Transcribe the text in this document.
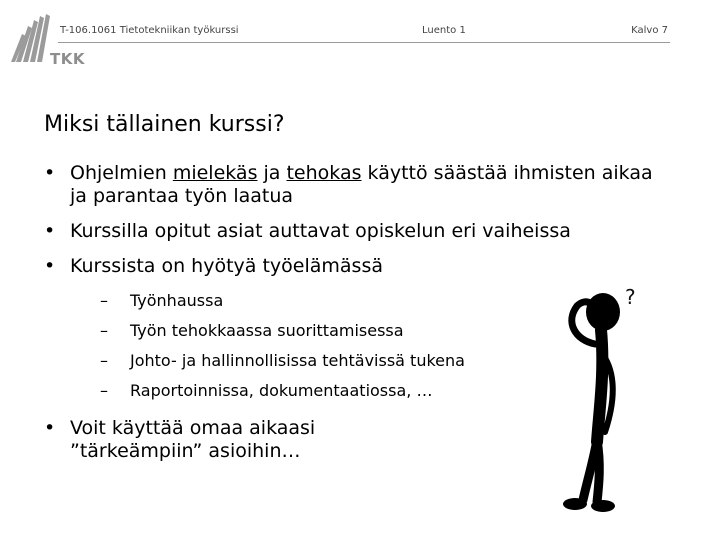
TKK
T-106.1061 Tietotekniikan työkurssi	Luento 1	Kalvo 7
Miksi tällainen kurssi?
• Ohjelmien mielekäs ja tehokas käyttö säästää ihmisten aikaa ja parantaa työn laatua
• Kurssilla opitut asiat auttavat opiskelun eri vaiheissa
• Kurssista on hyötyä työelämässä
– Työnhaussa
– Työn tehokkaassa suorittamisessa
– Johto- ja hallinnollisissa tehtävissä tukena
– Raportoinnissa, dokumentaatiossa, …
• Voit käyttää omaa aikaasi ”tärkeämpiin” asioihin…
?
